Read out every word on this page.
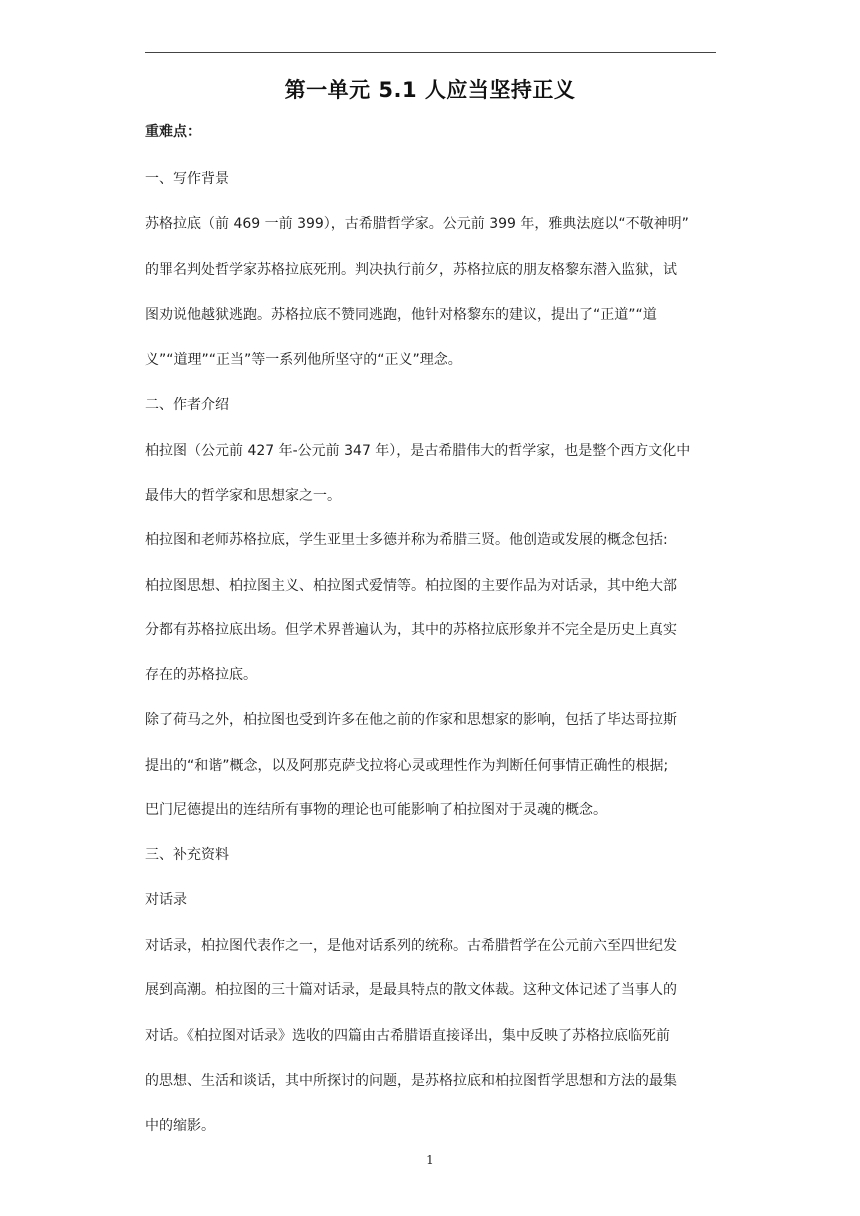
第一单元 5.1 人应当坚持正义
重难点：
一、写作背景
苏格拉底（前 469 一前 399），古希腊哲学家。公元前 399 年，雅典法庭以“不敬神明”
的罪名判处哲学家苏格拉底死刑。判决执行前夕，苏格拉底的朋友格黎东潜入监狱，试
图劝说他越狱逃跑。苏格拉底不赞同逃跑，他针对格黎东的建议，提出了“正道”“道
义”“道理”“正当”等一系列他所坚守的“正义”理念。
二、作者介绍
柏拉图（公元前 427 年-公元前 347 年），是古希腊伟大的哲学家，也是整个西方文化中
最伟大的哲学家和思想家之一。
柏拉图和老师苏格拉底，学生亚里士多德并称为希腊三贤。他创造或发展的概念包括:
柏拉图思想、柏拉图主义、柏拉图式爱情等。柏拉图的主要作品为对话录，其中绝大部
分都有苏格拉底出场。但学术界普遍认为，其中的苏格拉底形象并不完全是历史上真实
存在的苏格拉底。
除了荷马之外，柏拉图也受到许多在他之前的作家和思想家的影响，包括了毕达哥拉斯
提出的“和谐”概念，以及阿那克萨戈拉将心灵或理性作为判断任何事情正确性的根据;
巴门尼德提出的连结所有事物的理论也可能影响了柏拉图对于灵魂的概念。
三、补充资料
对话录
对话录，柏拉图代表作之一，是他对话系列的统称。古希腊哲学在公元前六至四世纪发
展到高潮。柏拉图的三十篇对话录，是最具特点的散文体裁。这种文体记述了当事人的
对话。《柏拉图对话录》选收的四篇由古希腊语直接译出，集中反映了苏格拉底临死前
的思想、生活和谈话，其中所探讨的问题，是苏格拉底和柏拉图哲学思想和方法的最集
中的缩影。
1
